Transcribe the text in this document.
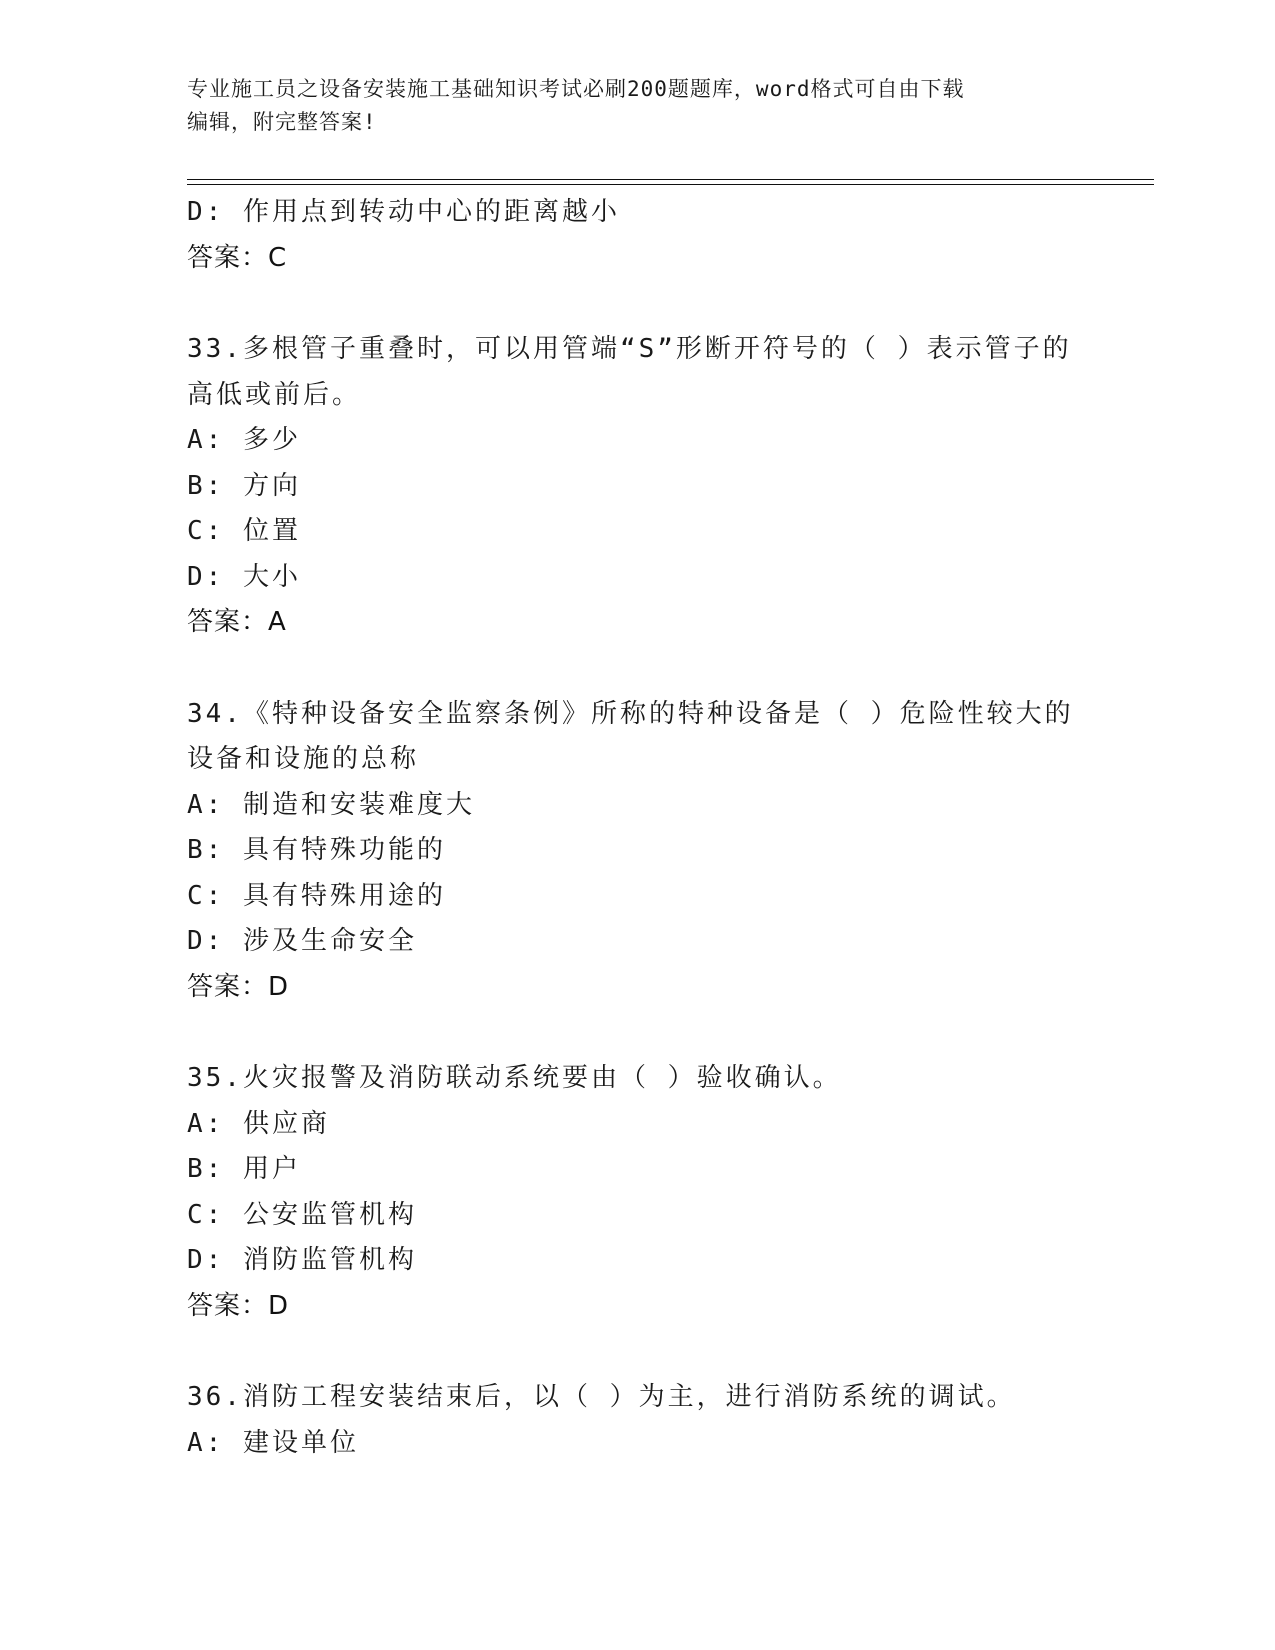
专业施工员之设备安装施工基础知识考试必刷200题题库，word格式可自由下载
编辑，附完整答案!
D: 作用点到转动中心的距离越小
答案：C
33.多根管子重叠时，可以用管端“S”形断开符号的（ ）表示管子的
高低或前后。
A: 多少
B: 方向
C: 位置
D: 大小
答案：A
34.《特种设备安全监察条例》所称的特种设备是（ ）危险性较大的
设备和设施的总称
A: 制造和安装难度大
B: 具有特殊功能的
C: 具有特殊用途的
D: 涉及生命安全
答案：D
35.火灾报警及消防联动系统要由（ ）验收确认。
A: 供应商
B: 用户
C: 公安监管机构
D: 消防监管机构
答案：D
36.消防工程安装结束后，以（ ）为主，进行消防系统的调试。
A: 建设单位
